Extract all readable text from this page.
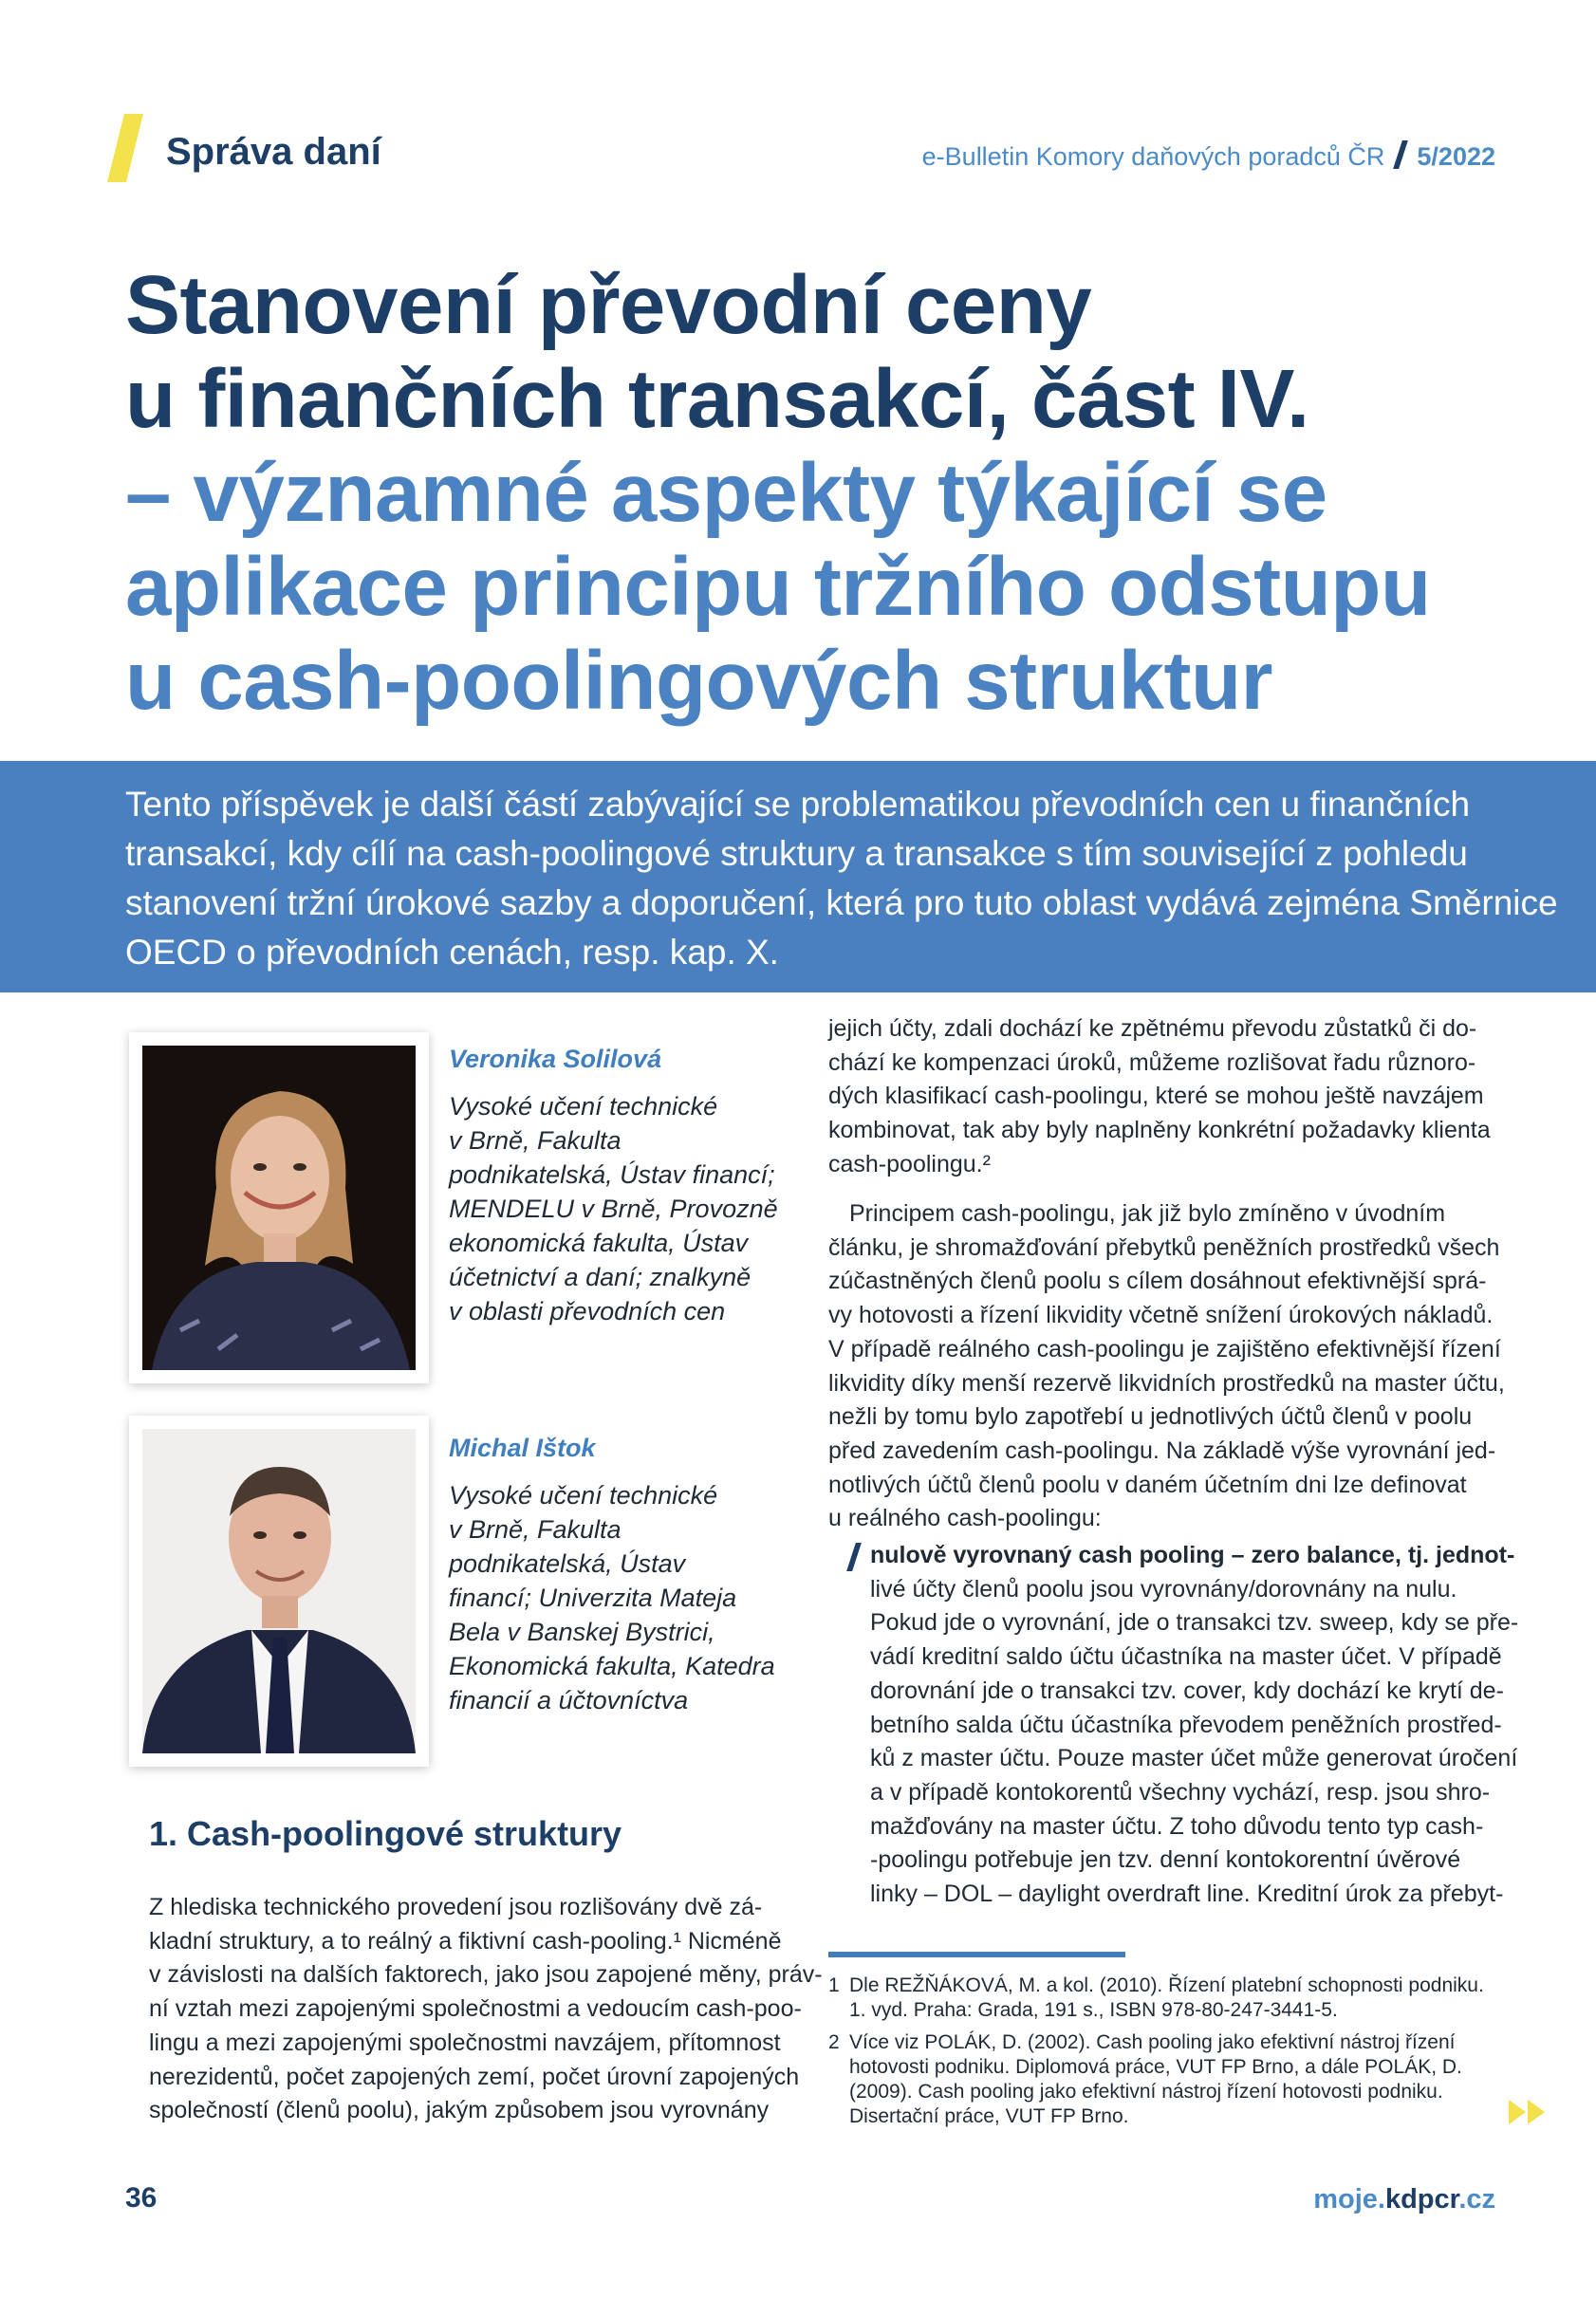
Správa daní	e-Bulletin Komory daňových poradců ČR 5/2022
Stanovení převodní ceny
u finančních transakcí, část IV.
– významné aspekty týkající se
aplikace principu tržního odstupu
u cash-poolingových struktur
Tento příspěvek je další částí zabývající se problematikou převodních cen u finančních
transakcí, kdy cílí na cash-poolingové struktury a transakce s tím související z pohledu
stanovení tržní úrokové sazby a doporučení, která pro tuto oblast vydává zejména Směrnice
OECD o převodních cenách, resp. kap. X.
Veronika Solilová
Vysoké učení technické
v Brně, Fakulta
podnikatelská, Ústav financí;
MENDELU v Brně, Provozně
ekonomická fakulta, Ústav
účetnictví a daní; znalkyně
v oblasti převodních cen
Michal Ištok
Vysoké učení technické
v Brně, Fakulta
podnikatelská, Ústav
financí; Univerzita Mateja
Bela v Banskej Bystrici,
Ekonomická fakulta, Katedra
financií a účtovníctva
1. Cash-poolingové struktury
Z hlediska technického provedení jsou rozlišovány dvě zá-
kladní struktury, a to reálný a fiktivní cash-pooling.¹ Nicméně
v závislosti na dalších faktorech, jako jsou zapojené měny, práv-
ní vztah mezi zapojenými společnostmi a vedoucím cash-poo-
lingu a mezi zapojenými společnostmi navzájem, přítomnost
nerezidentů, počet zapojených zemí, počet úrovní zapojených
společností (členů poolu), jakým způsobem jsou vyrovnány
jejich účty, zdali dochází ke zpětnému převodu zůstatků či do-
chází ke kompenzaci úroků, můžeme rozlišovat řadu různoro-
dých klasifikací cash-poolingu, které se mohou ještě navzájem
kombinovat, tak aby byly naplněny konkrétní požadavky klienta
cash-poolingu.²
Principem cash-poolingu, jak již bylo zmíněno v úvodním
článku, je shromažďování přebytků peněžních prostředků všech
zúčastněných členů poolu s cílem dosáhnout efektivnější sprá-
vy hotovosti a řízení likvidity včetně snížení úrokových nákladů.
V případě reálného cash-poolingu je zajištěno efektivnější řízení
likvidity díky menší rezervě likvidních prostředků na master účtu,
nežli by tomu bylo zapotřebí u jednotlivých účtů členů v poolu
před zavedením cash-poolingu. Na základě výše vyrovnání jed-
notlivých účtů členů poolu v daném účetním dni lze definovat
u reálného cash-poolingu:
nulově vyrovnaný cash pooling – zero balance, tj. jednot-
livé účty členů poolu jsou vyrovnány/dorovnány na nulu.
Pokud jde o vyrovnání, jde o transakci tzv. sweep, kdy se pře-
vádí kreditní saldo účtu účastníka na master účet. V případě
dorovnání jde o transakci tzv. cover, kdy dochází ke krytí de-
betního salda účtu účastníka převodem peněžních prostřed-
ků z master účtu. Pouze master účet může generovat úročení
a v případě kontokorentů všechny vychází, resp. jsou shro-
mažďovány na master účtu. Z toho důvodu tento typ cash-
-poolingu potřebuje jen tzv. denní kontokorentní úvěrové
linky – DOL – daylight overdraft line. Kreditní úrok za přebyt-
1 Dle REŽŇÁKOVÁ, M. a kol. (2010). Řízení platební schopnosti podniku.
1. vyd. Praha: Grada, 191 s., ISBN 978-80-247-3441-5.
2 Více viz POLÁK, D. (2002). Cash pooling jako efektivní nástroj řízení
hotovosti podniku. Diplomová práce, VUT FP Brno, a dále POLÁK, D.
(2009). Cash pooling jako efektivní nástroj řízení hotovosti podniku.
Disertační práce, VUT FP Brno.
36	moje.kdpcr.cz
